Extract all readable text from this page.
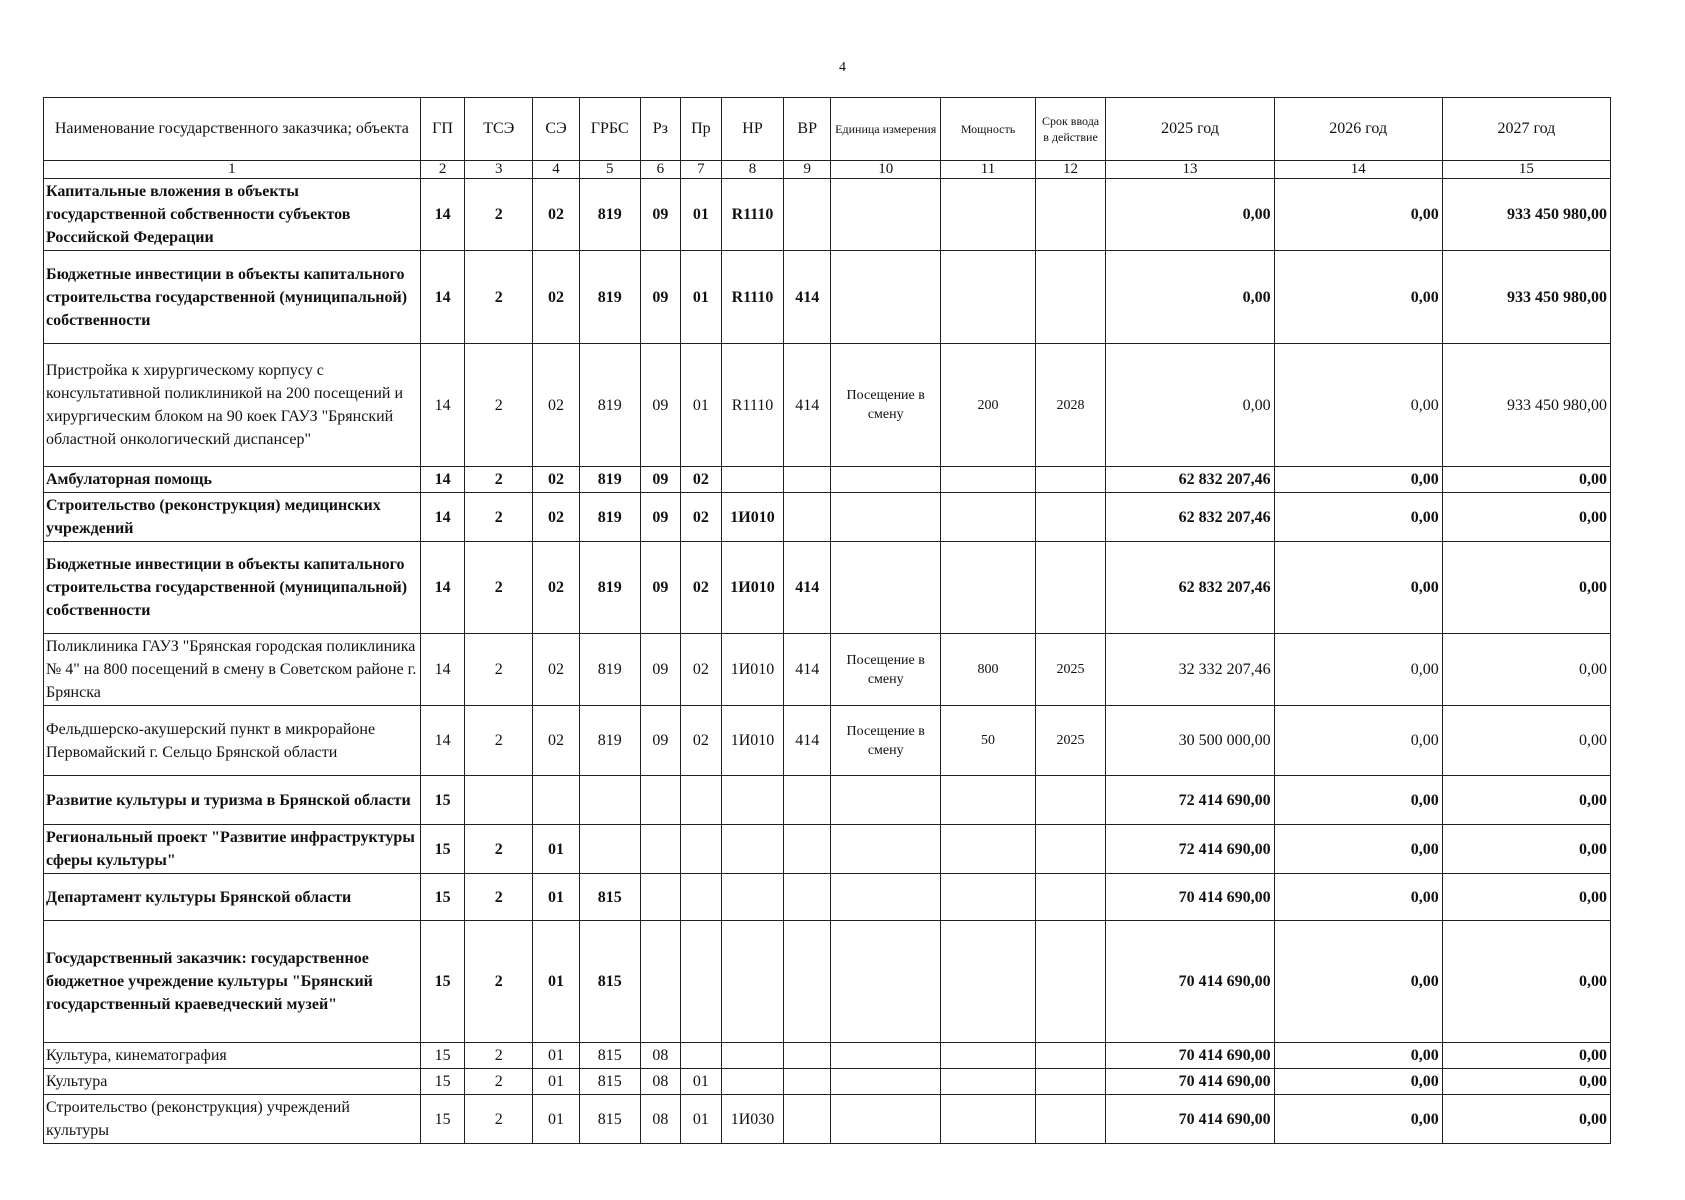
4
Наименование государственного заказчика; объекта	ГП	ТСЭ	СЭ	ГРБС	Рз	Пр	НР	ВР	Единица измерения	Мощность	Срок ввода в действие	2025 год	2026 год	2027 год
1	2	3	4	5	6	7	8	9	10	11	12	13	14	15
Капитальные вложения в объекты государственной собственности субъектов Российской Федерации	14	2	02	819	09	01	R1110					0,00	0,00	933 450 980,00
Бюджетные инвестиции в объекты капитального строительства государственной (муниципальной) собственности	14	2	02	819	09	01	R1110	414				0,00	0,00	933 450 980,00
Пристройка к хирургическому корпусу с консультативной поликлиникой на 200 посещений и хирургическим блоком на 90 коек ГАУЗ "Брянский областной онкологический диспансер"	14	2	02	819	09	01	R1110	414	Посещение в смену	200	2028	0,00	0,00	933 450 980,00
Амбулаторная помощь	14	2	02	819	09	02						62 832 207,46	0,00	0,00
Строительство (реконструкция) медицинских учреждений	14	2	02	819	09	02	1И010					62 832 207,46	0,00	0,00
Бюджетные инвестиции в объекты капитального строительства государственной (муниципальной) собственности	14	2	02	819	09	02	1И010	414				62 832 207,46	0,00	0,00
Поликлиника ГАУЗ "Брянская городская поликлиника № 4" на 800 посещений в смену в Советском районе г. Брянска	14	2	02	819	09	02	1И010	414	Посещение в смену	800	2025	32 332 207,46	0,00	0,00
Фельдшерско-акушерский пункт в микрорайоне Первомайский г. Сельцо Брянской области	14	2	02	819	09	02	1И010	414	Посещение в смену	50	2025	30 500 000,00	0,00	0,00
Развитие культуры и туризма в Брянской области	15											72 414 690,00	0,00	0,00
Региональный проект "Развитие инфраструктуры сферы культуры"	15	2	01									72 414 690,00	0,00	0,00
Департамент культуры Брянской области	15	2	01	815								70 414 690,00	0,00	0,00
Государственный заказчик: государственное бюджетное учреждение культуры "Брянский государственный краеведческий музей"	15	2	01	815								70 414 690,00	0,00	0,00
Культура, кинематография	15	2	01	815	08							70 414 690,00	0,00	0,00
Культура	15	2	01	815	08	01						70 414 690,00	0,00	0,00
Строительство (реконструкция) учреждений культуры	15	2	01	815	08	01	1И030					70 414 690,00	0,00	0,00
